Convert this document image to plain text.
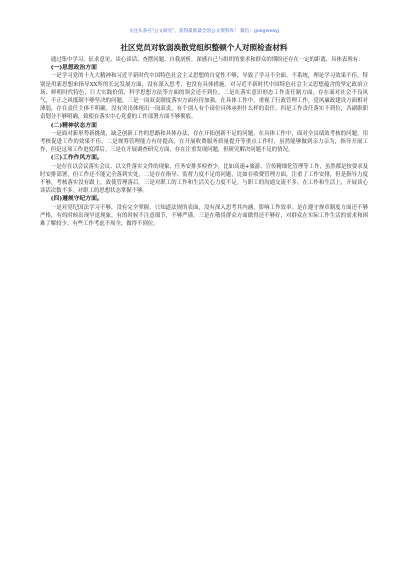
关注头条号"公文研究"，获得最新最全的公文资料库！ 微信：gongwenyj
社区党员对软弱涣散党组织整顿个人对照检查材料

通过集中学习、征求意见、谈心谈话、查摆问题、自我剖析，深感自己与组织的要求和群众的期盼还存在一定的距离，具体表现有：

(一)思想政治方面

一是学习党的十九大精神和习近平新时代中国特色社会主义思想的自觉性不够，导致了学习不全面、不系统，理论学习效果不佳。特别是用新思想来指导XX所的长远发展方面，没有深入思考，也没有具体措施。对习近平新时代中国特色社会主义思想蕴含的坚定政治立场、鲜明时代特色、巨大实践价值、科学思想方法等方面的领会还不到位。二是在落实意识形态工作责任制方面，存在面对社会不良风气、不正之风抵制不够坚决的问题，三是一岗双责制度落实方面有待加强，在具体工作中，重视了行政管理工作，党风廉政建设方面相对薄弱，存在责任主体不明确，没有突出体现出一岗双责，有个别人有个岗位具体承担什么样的责任。四是工作责任落实不到位，各副职职责划分不够明确，致使在落实中心党委的工作部署方面不够彻底。

(二)精神状态方面

一是面对新形势新挑战，缺乏创新工作的思路和具体办法，存在开拓创新不足的问题。在具体工作中，面对全员绩效考核的问题，用考核促进工作的效果不佳。二是规筹管理能力有待提高，在开展收费服务质量提升等重点工作时，虽然能够做到亲力亲为，指导开展工作，但是这项工作进度滞后。三是在开展调查研究方面，存在注重发现问题，但研究解决问题不足的情况。

(三)工作作风方面。

一是存在以会议落实会议、以文件落实文件的现象，任务安排多检查少，比如高速+旅游、宣传精细化管理等工作，虽然都是按要求及时安排部署，但工作还不能完全落到实处。二是存在指导、监督力度不足的问题，比如在收费管理方面，注重了工作安排，但是指导力度不够，考核落实没有跟上，致使管理落后。三是对职工的工作和生活关心力度不足。与职工的沟通交流不多，在工作和生活上，开展谈心谈话次数不多，对职工的思想状态掌握不够。

(四)遵规守纪方面。

一是对党纪国法学习不够，没有完全掌握。只知道法规的表面，没有深入思考其内涵，影响工作效率。是在遵守规章制度方面还不够严格，有的时候出现早退现象，有的时候不注意细节，不够严谨。三是在敬畏群众方面做得还不够好，对群众在实际工作生活的需求和困难了解较少，有些工作考虑不周全，做得不到位。
